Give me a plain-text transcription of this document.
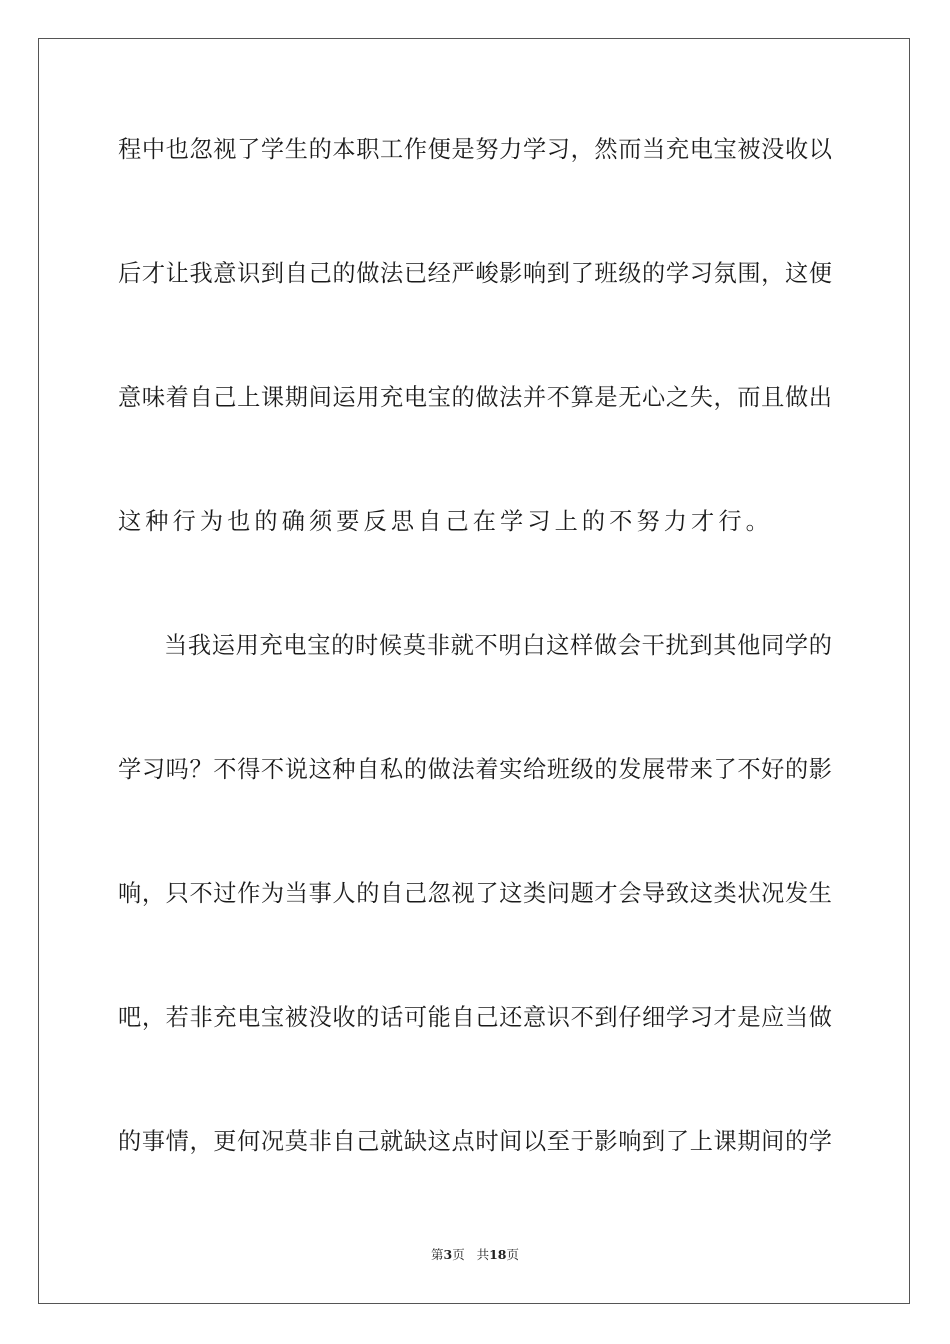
程中也忽视了学生的本职工作便是努力学习，然而当充电宝被没收以
后才让我意识到自己的做法已经严峻影响到了班级的学习氛围，这便
意味着自己上课期间运用充电宝的做法并不算是无心之失，而且做出
这种行为也的确须要反思自己在学习上的不努力才行。
当我运用充电宝的时候莫非就不明白这样做会干扰到其他同学的
学习吗？不得不说这种自私的做法着实给班级的发展带来了不好的影
响，只不过作为当事人的自己忽视了这类问题才会导致这类状况发生
吧，若非充电宝被没收的话可能自己还意识不到仔细学习才是应当做
的事情，更何况莫非自己就缺这点时间以至于影响到了上课期间的学
第3页   共18页
